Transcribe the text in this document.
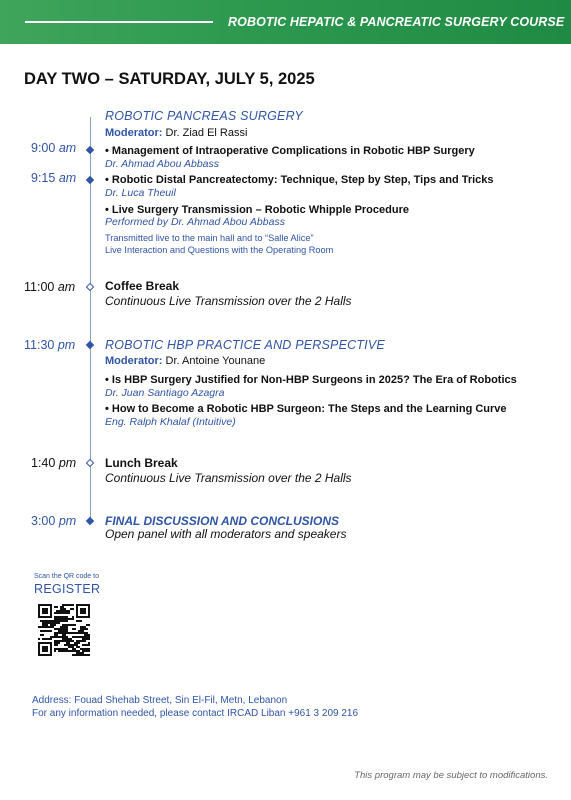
ROBOTIC HEPATIC & PANCREATIC SURGERY COURSE
DAY TWO – SATURDAY, JULY 5, 2025
ROBOTIC PANCREAS SURGERY
Moderator: Dr. Ziad El Rassi
9:00 am	• Management of Intraoperative Complications in Robotic HBP Surgery
Dr. Ahmad Abou Abbass
9:15 am	• Robotic Distal Pancreatectomy: Technique, Step by Step, Tips and Tricks
Dr. Luca Theuil
• Live Surgery Transmission – Robotic Whipple Procedure
Performed by Dr. Ahmad Abou Abbass
Transmitted live to the main hall and to “Salle Alice”
Live Interaction and Questions with the Operating Room
11:00 am Coffee Break
Continuous Live Transmission over the 2 Halls
11:30 pm ROBOTIC HBP PRACTICE AND PERSPECTIVE
Moderator: Dr. Antoine Younane
• Is HBP Surgery Justified for Non-HBP Surgeons in 2025? The Era of Robotics
Dr. Juan Santiago Azagra
• How to Become a Robotic HBP Surgeon: The Steps and the Learning Curve
Eng. Ralph Khalaf (Intuitive)
1:40 pm Lunch Break
Continuous Live Transmission over the 2 Halls
3:00 pm FINAL DISCUSSION AND CONCLUSIONS
Open panel with all moderators and speakers
Scan the QR code to
REGISTER
Address: Fouad Shehab Street, Sin El-Fil, Metn, Lebanon
For any information needed, please contact IRCAD Liban +961 3 209 216
This program may be subject to modifications.
